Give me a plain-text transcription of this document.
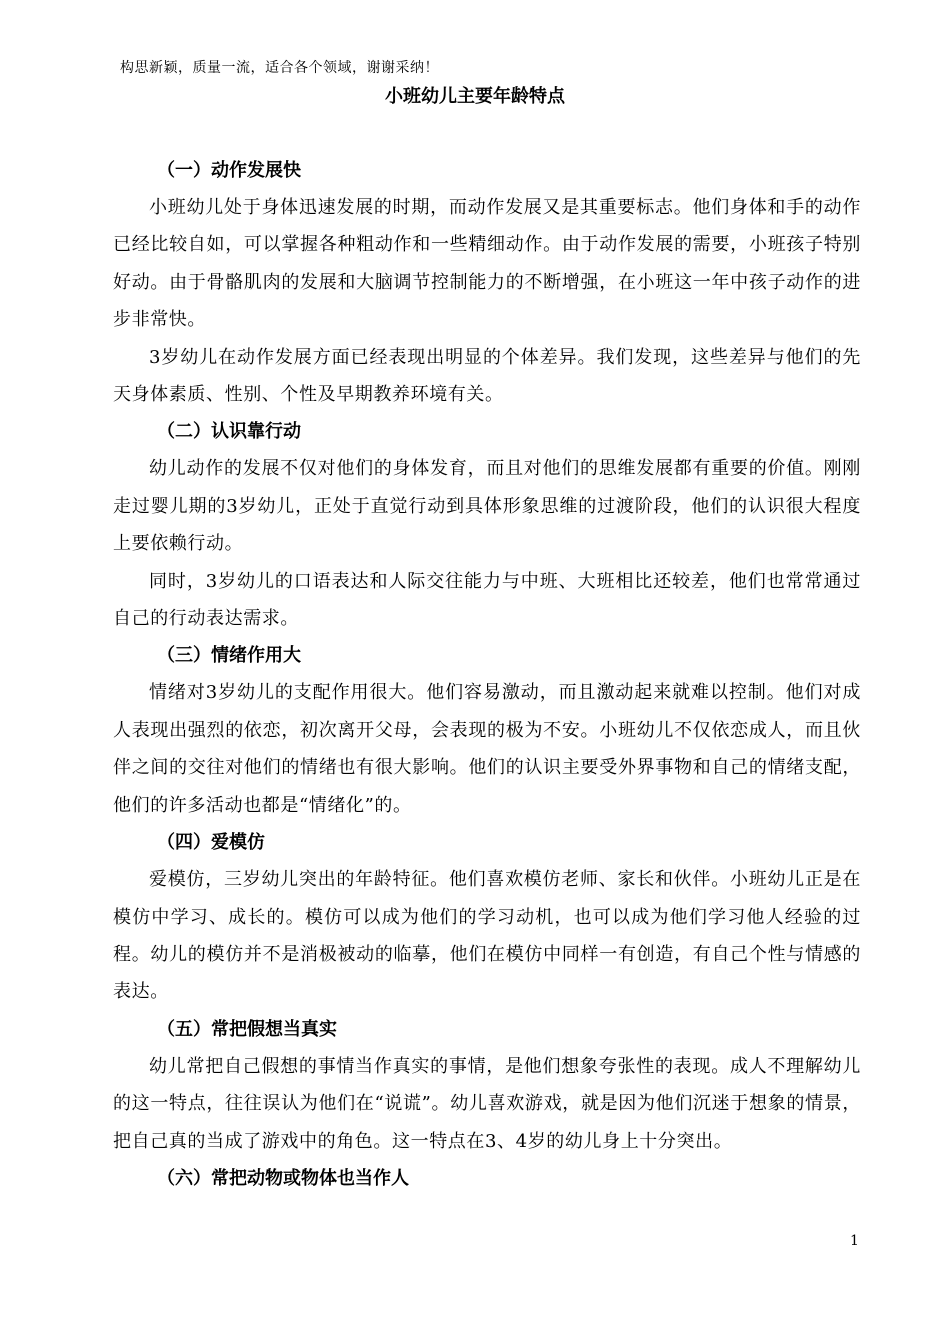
构思新颖，质量一流，适合各个领域，谢谢采纳！
小班幼儿主要年龄特点
（一）动作发展快

小班幼儿处于身体迅速发展的时期，而动作发展又是其重要标志。他们身体和手的动作已经比较自如，可以掌握各种粗动作和一些精细动作。由于动作发展的需要，小班孩子特别好动。由于骨骼肌肉的发展和大脑调节控制能力的不断增强，在小班这一年中孩子动作的进步非常快。

3岁幼儿在动作发展方面已经表现出明显的个体差异。我们发现，这些差异与他们的先天身体素质、性别、个性及早期教养环境有关。

（二）认识靠行动

幼儿动作的发展不仅对他们的身体发育，而且对他们的思维发展都有重要的价值。刚刚走过婴儿期的3岁幼儿，正处于直觉行动到具体形象思维的过渡阶段，他们的认识很大程度上要依赖行动。

同时，3岁幼儿的口语表达和人际交往能力与中班、大班相比还较差，他们也常常通过自己的行动表达需求。

（三）情绪作用大

情绪对3岁幼儿的支配作用很大。他们容易激动，而且激动起来就难以控制。他们对成人表现出强烈的依恋，初次离开父母，会表现的极为不安。小班幼儿不仅依恋成人，而且伙伴之间的交往对他们的情绪也有很大影响。他们的认识主要受外界事物和自己的情绪支配，他们的许多活动也都是“情绪化”的。

（四）爱模仿

爱模仿，三岁幼儿突出的年龄特征。他们喜欢模仿老师、家长和伙伴。小班幼儿正是在模仿中学习、成长的。模仿可以成为他们的学习动机，也可以成为他们学习他人经验的过程。幼儿的模仿并不是消极被动的临摹，他们在模仿中同样一有创造，有自己个性与情感的表达。

（五）常把假想当真实

幼儿常把自己假想的事情当作真实的事情，是他们想象夸张性的表现。成人不理解幼儿的这一特点，往往误认为他们在“说谎”。幼儿喜欢游戏，就是因为他们沉迷于想象的情景，把自己真的当成了游戏中的角色。这一特点在3、4岁的幼儿身上十分突出。

（六）常把动物或物体也当作人
1
